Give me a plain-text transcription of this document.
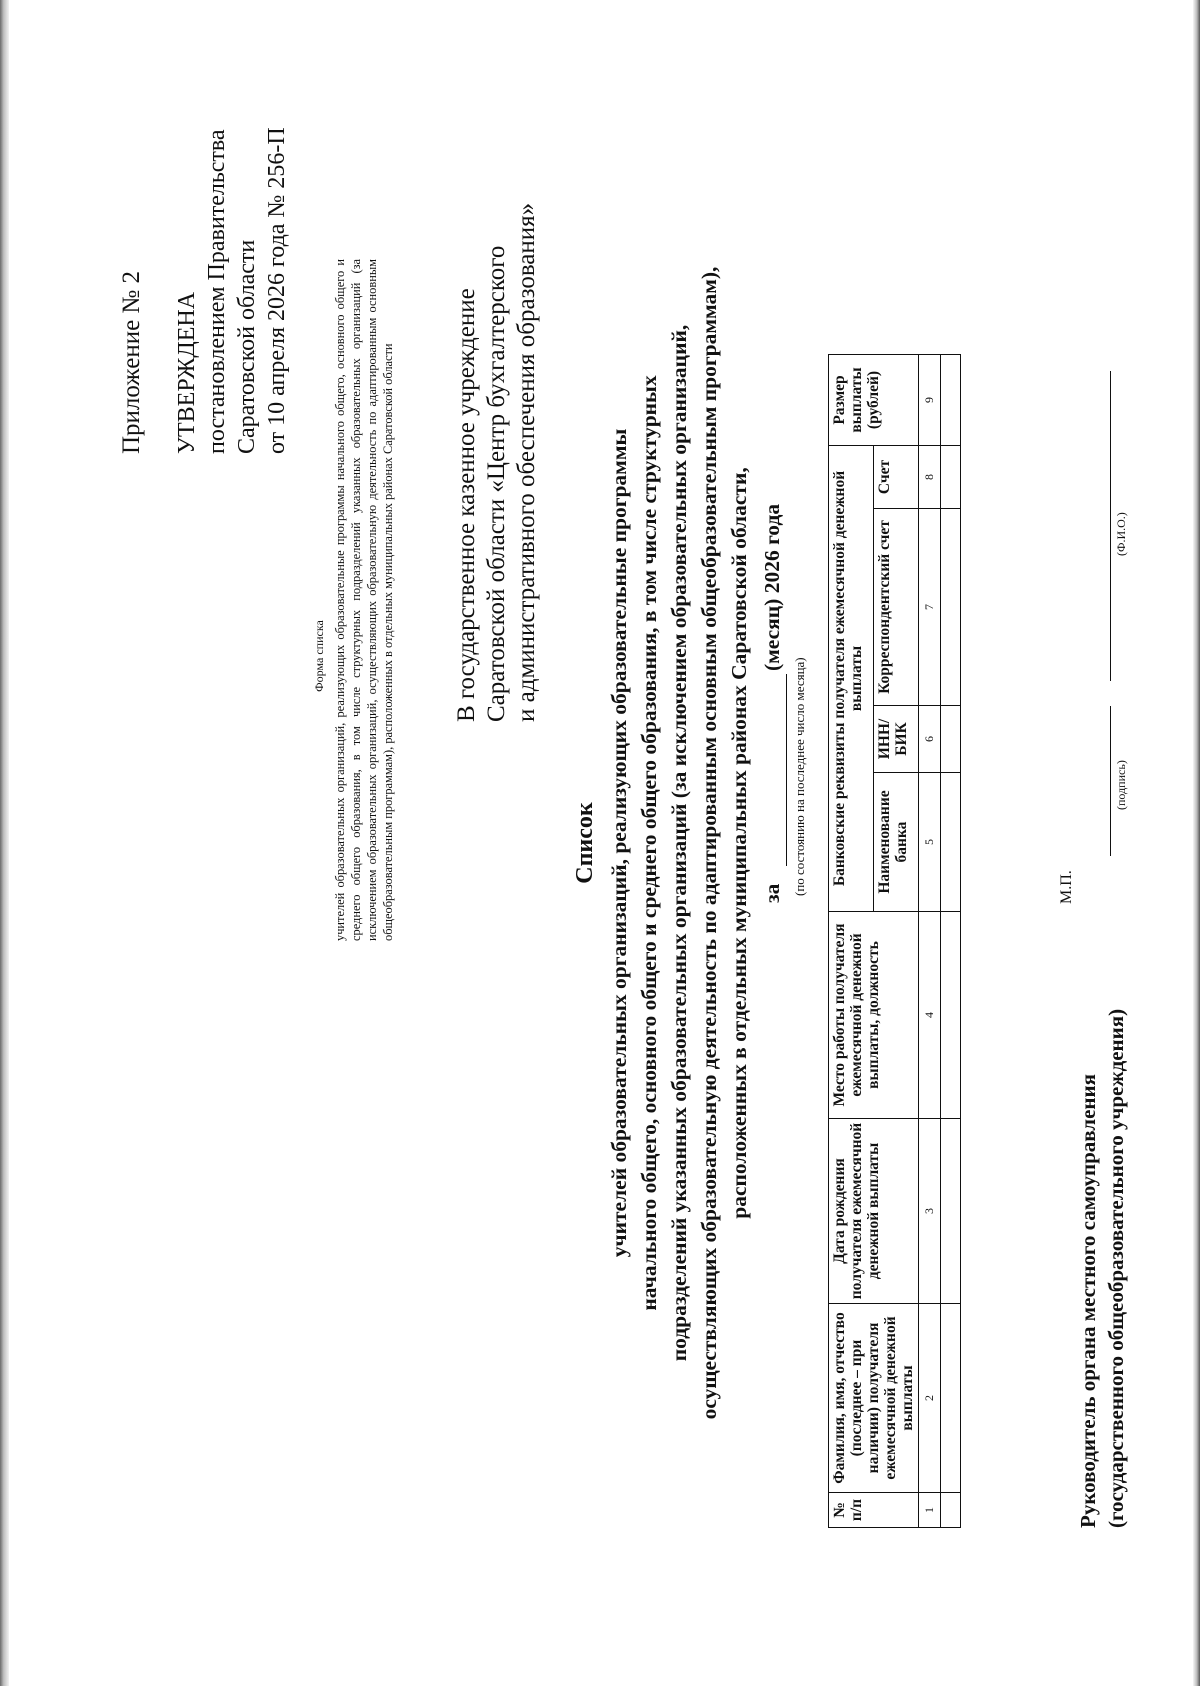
Приложение № 2 УТВЕРЖДЕНА постановлением Правительства Саратовской области от 10 апреля 2026 года № 256-П
Форма списка учителей образовательных организаций, реализующих образовательные программы начального общего, основного общего и среднего общего образования, в том числе структурных подразделений указанных образовательных организаций (за исключением образовательных организаций, осуществляющих образовательную деятельность по адаптированным основным общеобразовательным программам), расположенных в отдельных муниципальных районах Саратовской области В государственное казенное учреждение Саратовской области «Центр бухгалтерского и административного обеспечения образования»
Список учителей образовательных организаций, реализующих образовательные программы начального общего, основного общего и среднего общего образования, в том числе структурных подразделений указанных образовательных организаций (за исключением образовательных организаций, осуществляющих образовательную деятельность по адаптированным основным общеобразовательным программам), расположенных в отдельных муниципальных районах Саратовской области, за
(месяц) 2026 года
(по состоянию на последнее число месяца)
№ п/п	Фамилия, имя, отчество (последнее – при наличии) получателя ежемесячной денежной выплаты	Дата рождения получателя ежемесячной денежной выплаты	Место работы получателя ежемесячной денежной выплаты, должность	Банковские реквизиты получателя ежемесячной денежной выплаты				Размер выплаты (рублей)
				Наименование банка	ИНН/ БИК	Корреспондентский счет	Счет	
1	2	3	4	5	6	7	8	9

Руководитель органа местного самоуправления (государственного общеобразовательного учреждения)
М.П.
(подпись)
(Ф.И.О.)
